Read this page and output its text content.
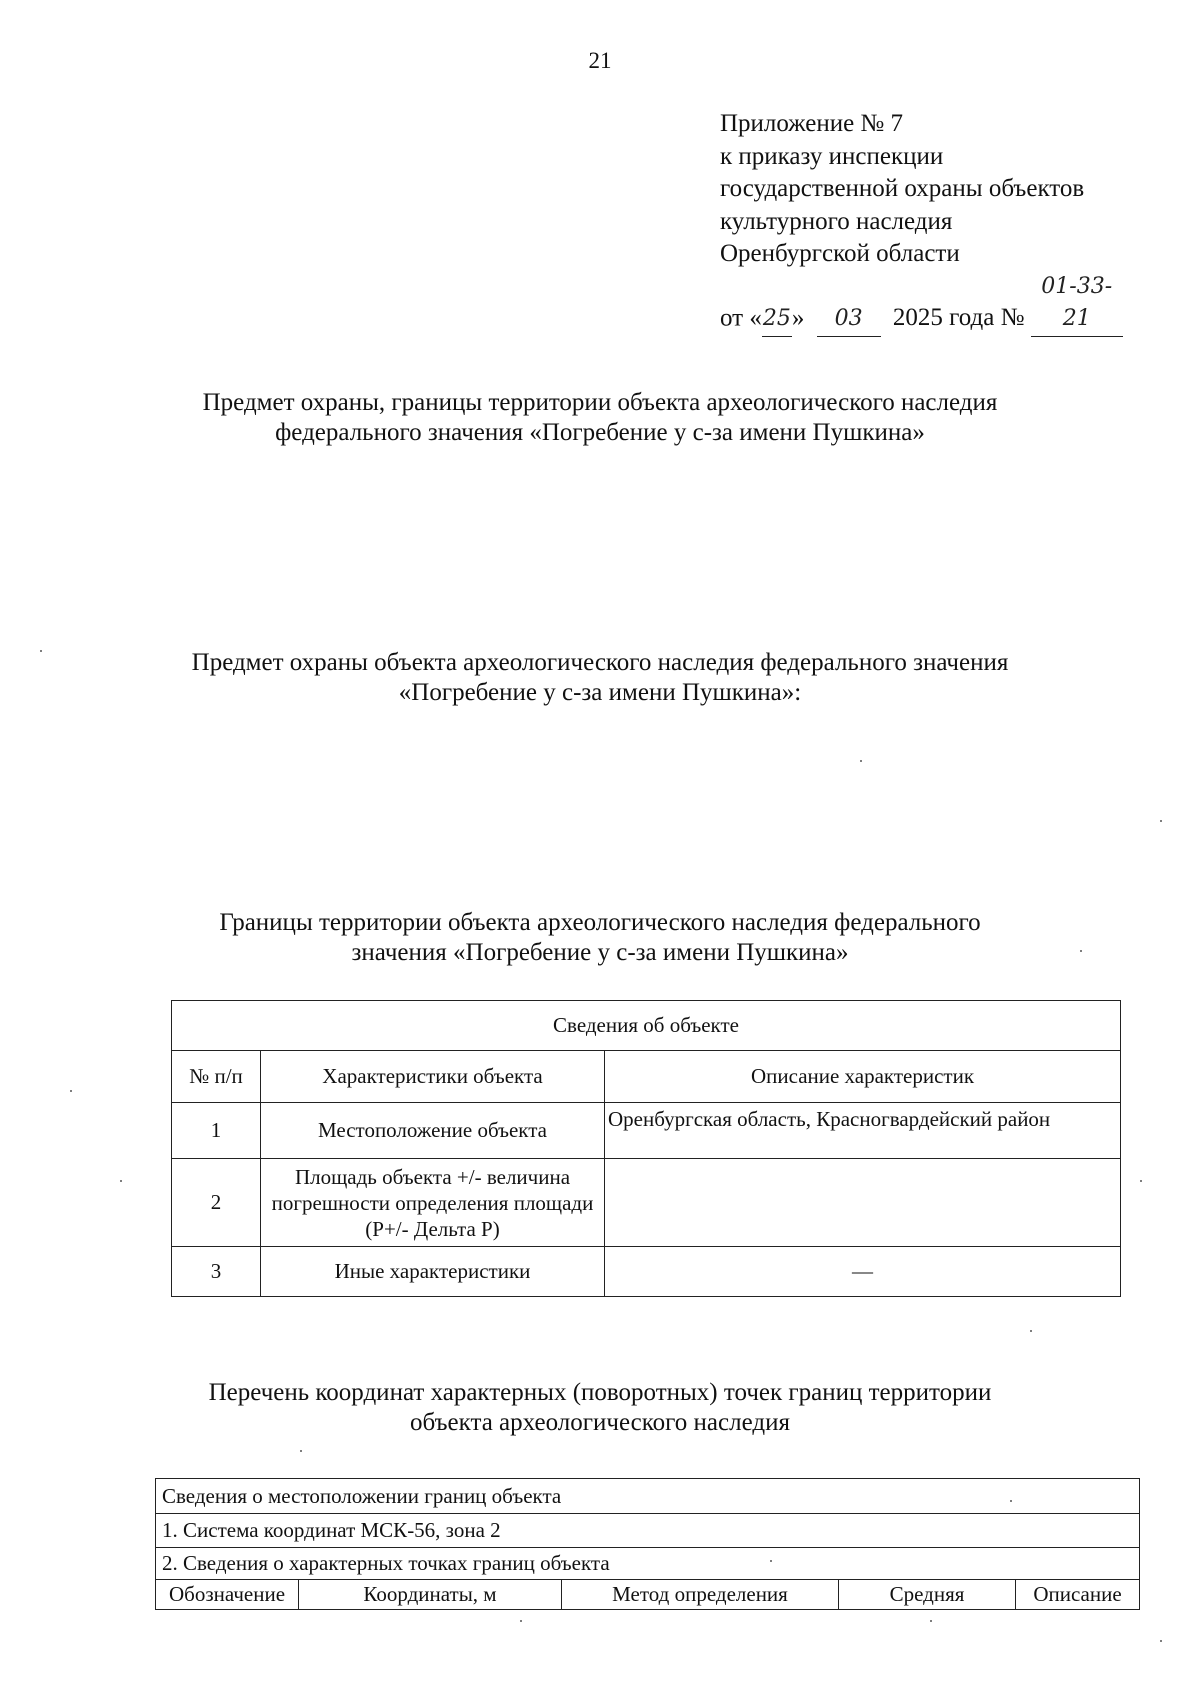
21
Приложение № 7
к приказу инспекции
государственной охраны объектов
культурного наследия
Оренбургской области
от «25» 03 2025 года № 01-33-21
Предмет охраны, границы территории объекта археологического наследия
федерального значения «Погребение у с-за имени Пушкина»
Предмет охраны объекта археологического наследия федерального значения
«Погребение у с-за имени Пушкина»:
Границы территории объекта археологического наследия федерального
значения «Погребение у с-за имени Пушкина»
Сведения об объекте		
№ п/п	Характеристики объекта	Описание характеристик
1	Местоположение объекта	Оренбургская область, Красногвардейский район
2	Площадь объекта +/- величина погрешности определения площади (P+/- Дельта P)	
3	Иные характеристики	—
Перечень координат характерных (поворотных) точек границ территории
объекта археологического наследия
Сведения о местоположении границ объекта
1. Система координат МСК-56, зона 2
2. Сведения о характерных точках границ объекта
Обозначение	Координаты, м	Метод определения	Средняя	Описание
